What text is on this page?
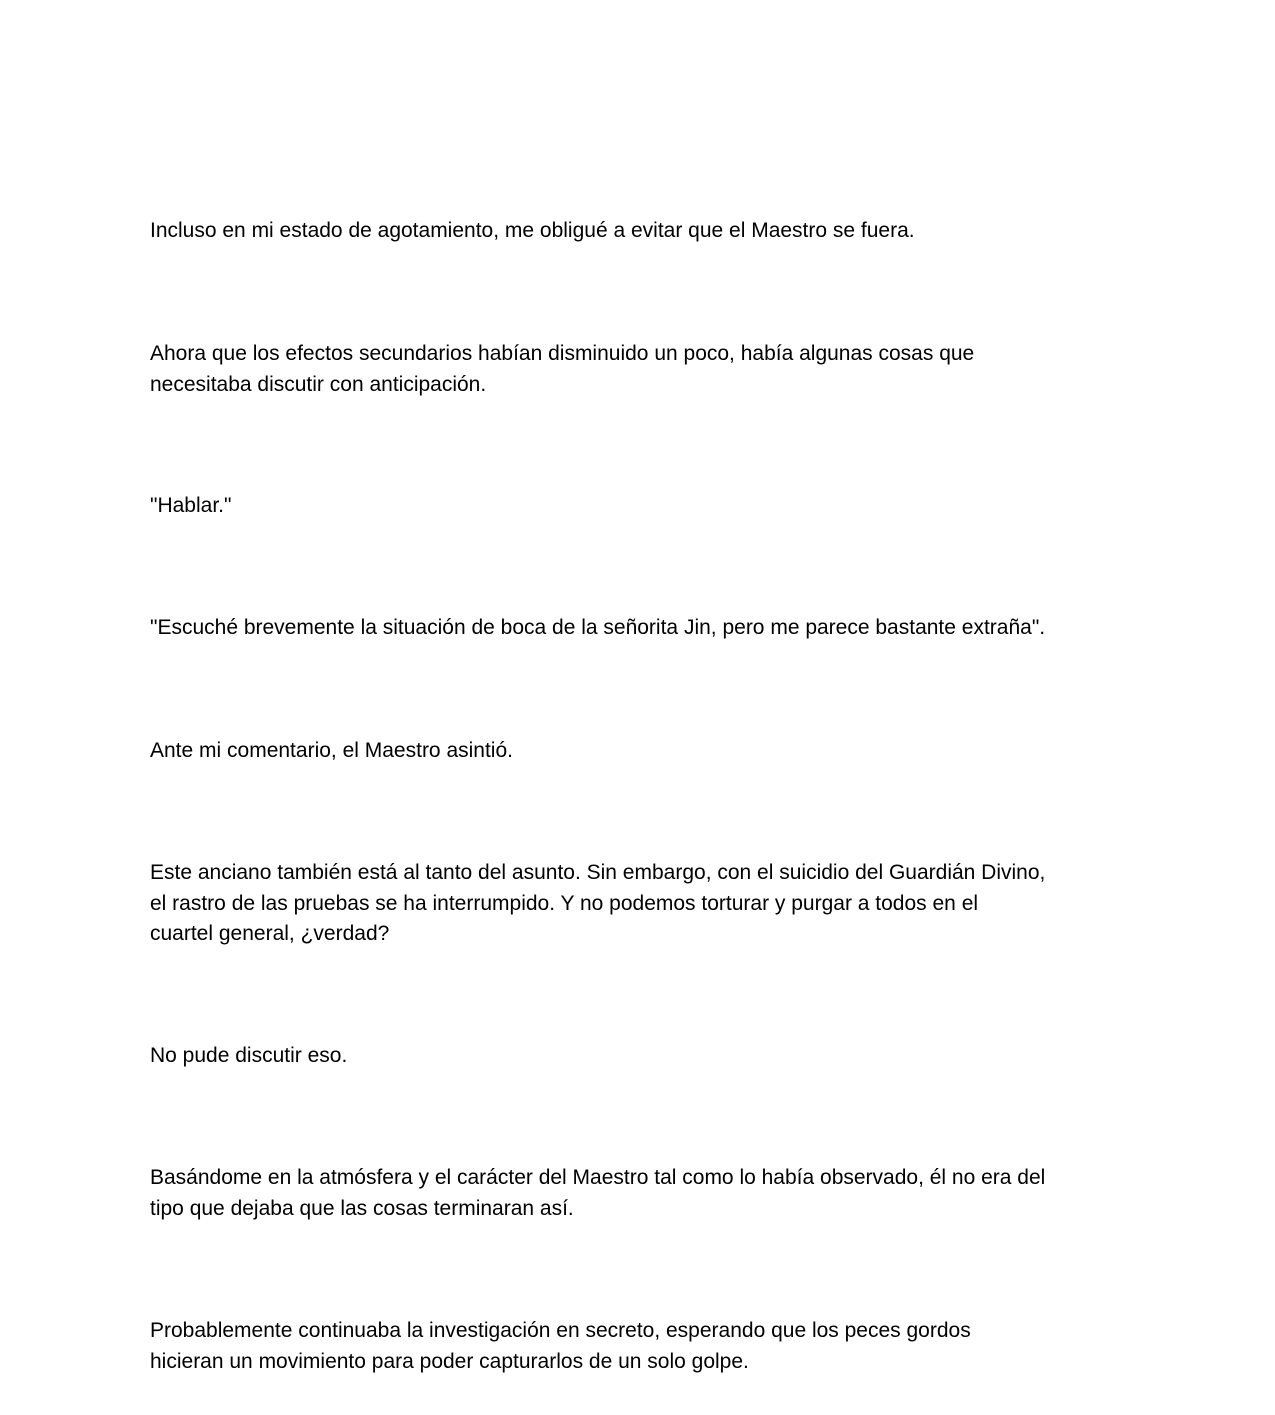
Incluso en mi estado de agotamiento, me obligué a evitar que el Maestro se fuera.

Ahora que los efectos secundarios habían disminuido un poco, había algunas cosas que
necesitaba discutir con anticipación.

"Hablar."

"Escuché brevemente la situación de boca de la señorita Jin, pero me parece bastante extraña".

Ante mi comentario, el Maestro asintió.

Este anciano también está al tanto del asunto. Sin embargo, con el suicidio del Guardián Divino,
el rastro de las pruebas se ha interrumpido. Y no podemos torturar y purgar a todos en el
cuartel general, ¿verdad?

No pude discutir eso.

Basándome en la atmósfera y el carácter del Maestro tal como lo había observado, él no era del
tipo que dejaba que las cosas terminaran así.

Probablemente continuaba la investigación en secreto, esperando que los peces gordos
hicieran un movimiento para poder capturarlos de un solo golpe.
